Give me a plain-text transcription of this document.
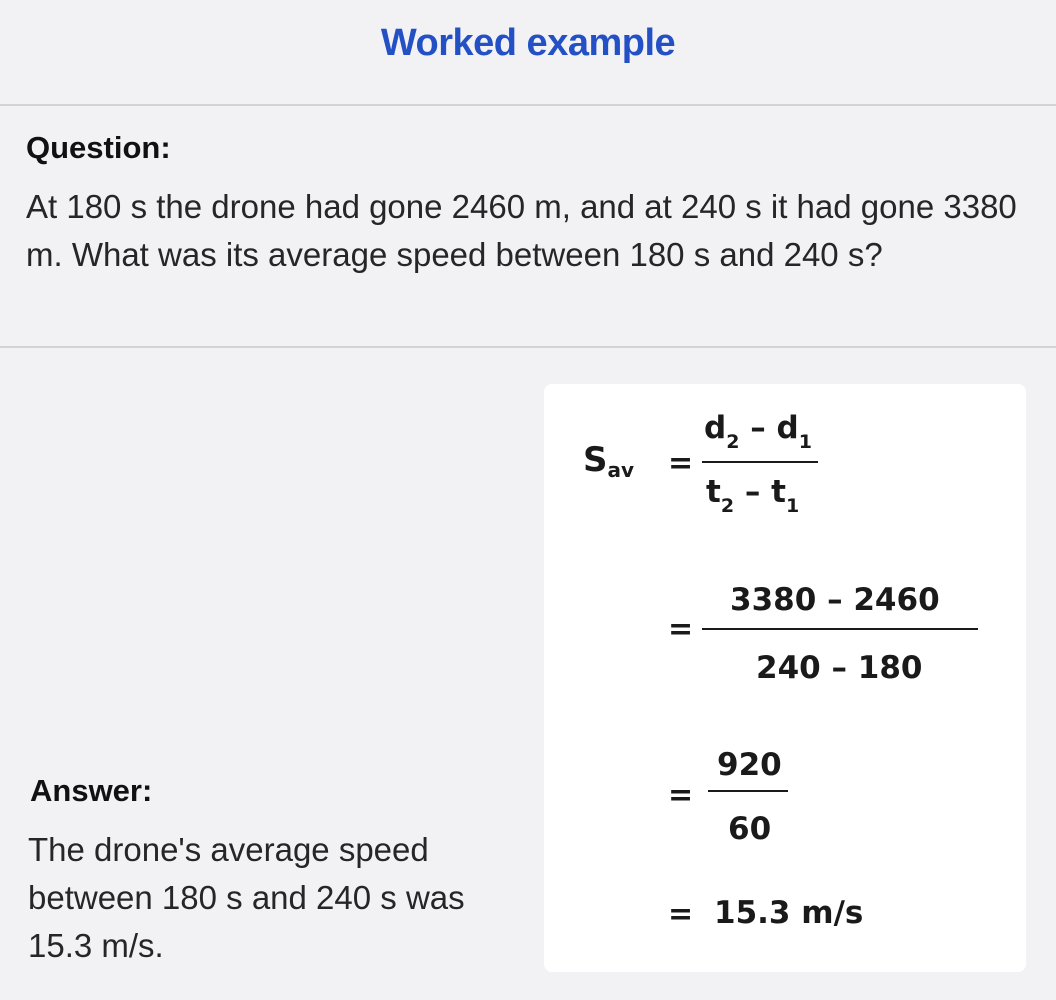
Worked example
Question:
At 180 s the drone had gone 2460 m, and at 240 s it had gone 3380 m. What was its average speed between 180 s and 240 s?
Answer:
The drone's average speed between 180 s and 240 s was 15.3 m/s.
Sav =
$d_2 - d_1$
$t_2 - t_1$
3380 – 2460
=
240 – 180
920
=
60
= 15.3 m/s
